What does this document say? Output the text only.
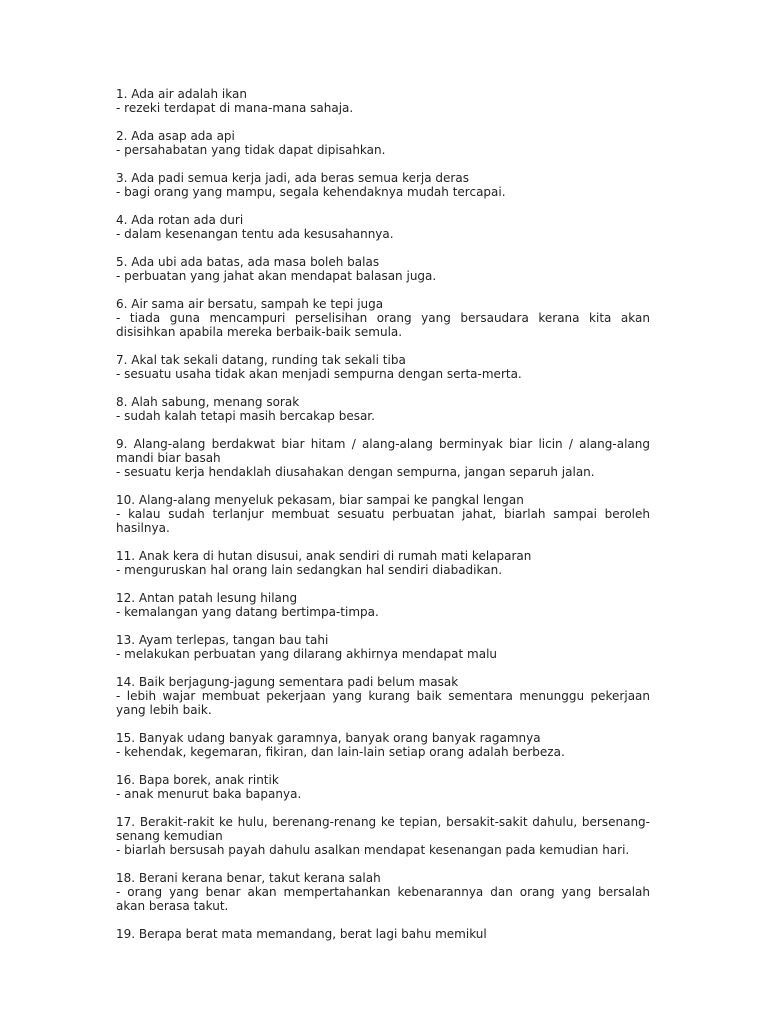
1. Ada air adalah ikan

- rezeki terdapat di mana-mana sahaja.

2. Ada asap ada api

- persahabatan yang tidak dapat dipisahkan.

3. Ada padi semua kerja jadi, ada beras semua kerja deras

- bagi orang yang mampu, segala kehendaknya mudah tercapai.

4. Ada rotan ada duri

- dalam kesenangan tentu ada kesusahannya.

5. Ada ubi ada batas, ada masa boleh balas

- perbuatan yang jahat akan mendapat balasan juga.

6. Air sama air bersatu, sampah ke tepi juga

- tiada guna mencampuri perselisihan orang yang bersaudara kerana kita akan disisihkan apabila mereka berbaik-baik semula.

7. Akal tak sekali datang, runding tak sekali tiba

- sesuatu usaha tidak akan menjadi sempurna dengan serta-merta.

8. Alah sabung, menang sorak

- sudah kalah tetapi masih bercakap besar.

9. Alang-alang berdakwat biar hitam / alang-alang berminyak biar licin / alang-alang mandi biar basah

- sesuatu kerja hendaklah diusahakan dengan sempurna, jangan separuh jalan.

10. Alang-alang menyeluk pekasam, biar sampai ke pangkal lengan

- kalau sudah terlanjur membuat sesuatu perbuatan jahat, biarlah sampai beroleh hasilnya.

11. Anak kera di hutan disusui, anak sendiri di rumah mati kelaparan

- menguruskan hal orang lain sedangkan hal sendiri diabadikan.

12. Antan patah lesung hilang

- kemalangan yang datang bertimpa-timpa.

13. Ayam terlepas, tangan bau tahi

- melakukan perbuatan yang dilarang akhirnya mendapat malu

14. Baik berjagung-jagung sementara padi belum masak

- lebih wajar membuat pekerjaan yang kurang baik sementara menunggu pekerjaan yang lebih baik.

15. Banyak udang banyak garamnya, banyak orang banyak ragamnya

- kehendak, kegemaran, fikiran, dan lain-lain setiap orang adalah berbeza.

16. Bapa borek, anak rintik

- anak menurut baka bapanya.

17. Berakit-rakit ke hulu, berenang-renang ke tepian, bersakit-sakit dahulu, bersenang-senang kemudian

- biarlah bersusah payah dahulu asalkan mendapat kesenangan pada kemudian hari.

18. Berani kerana benar, takut kerana salah

- orang yang benar akan mempertahankan kebenarannya dan orang yang bersalah akan berasa takut.

19. Berapa berat mata memandang, berat lagi bahu memikul
